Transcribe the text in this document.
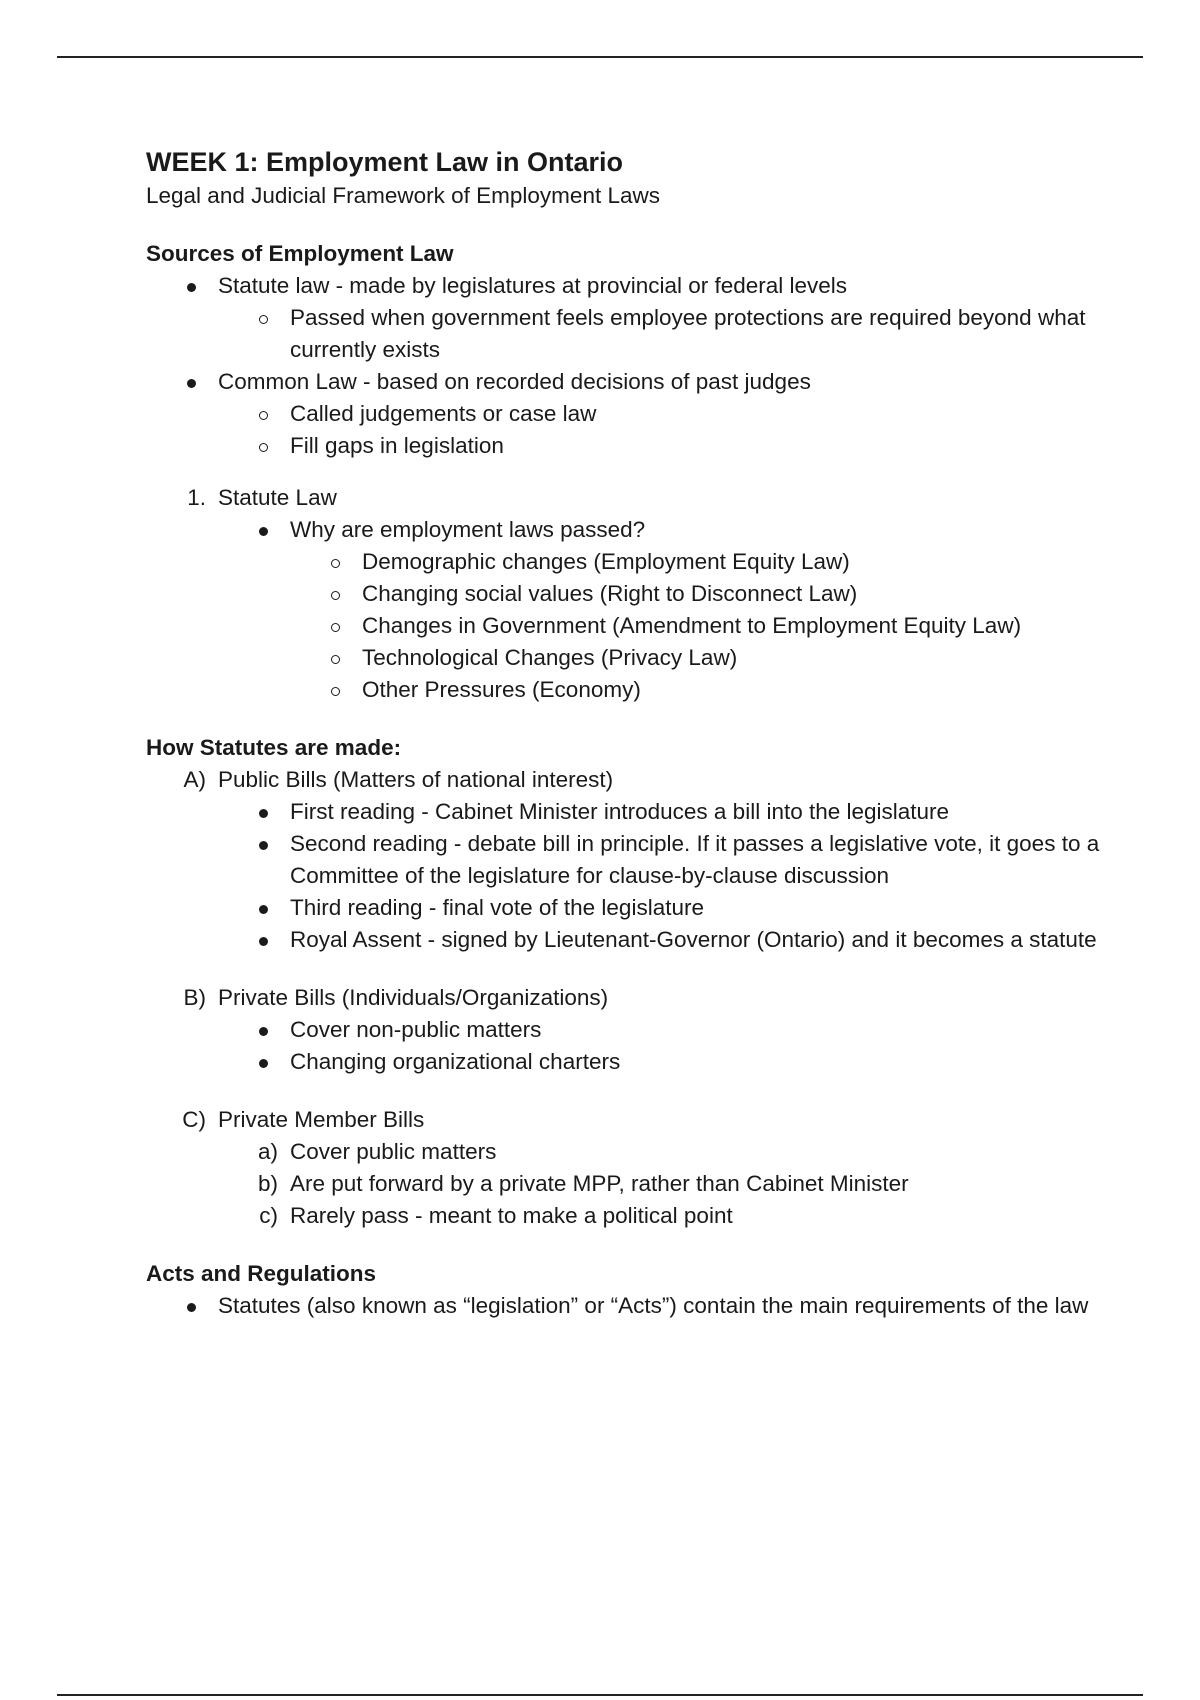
WEEK 1: Employment Law in Ontario

Legal and Judicial Framework of Employment Laws

Sources of Employment Law

Statute law - made by legislatures at provincial or federal levels
Passed when government feels employee protections are required beyond what currently exists
Common Law - based on recorded decisions of past judges
Called judgements or case law
Fill gaps in legislation
1. Statute Law
Why are employment laws passed?
Demographic changes (Employment Equity Law)
Changing social values (Right to Disconnect Law)
Changes in Government (Amendment to Employment Equity Law)
Technological Changes (Privacy Law)
Other Pressures (Economy)

How Statutes are made:

A) Public Bills (Matters of national interest)
First reading - Cabinet Minister introduces a bill into the legislature
Second reading - debate bill in principle. If it passes a legislative vote, it goes to a Committee of the legislature for clause-by-clause discussion
Third reading - final vote of the legislature
Royal Assent - signed by Lieutenant-Governor (Ontario) and it becomes a statute
B) Private Bills (Individuals/Organizations)
Cover non-public matters
Changing organizational charters
C) Private Member Bills
a) Cover public matters
b) Are put forward by a private MPP, rather than Cabinet Minister
c) Rarely pass - meant to make a political point

Acts and Regulations

Statutes (also known as “legislation” or “Acts”) contain the main requirements of the law
